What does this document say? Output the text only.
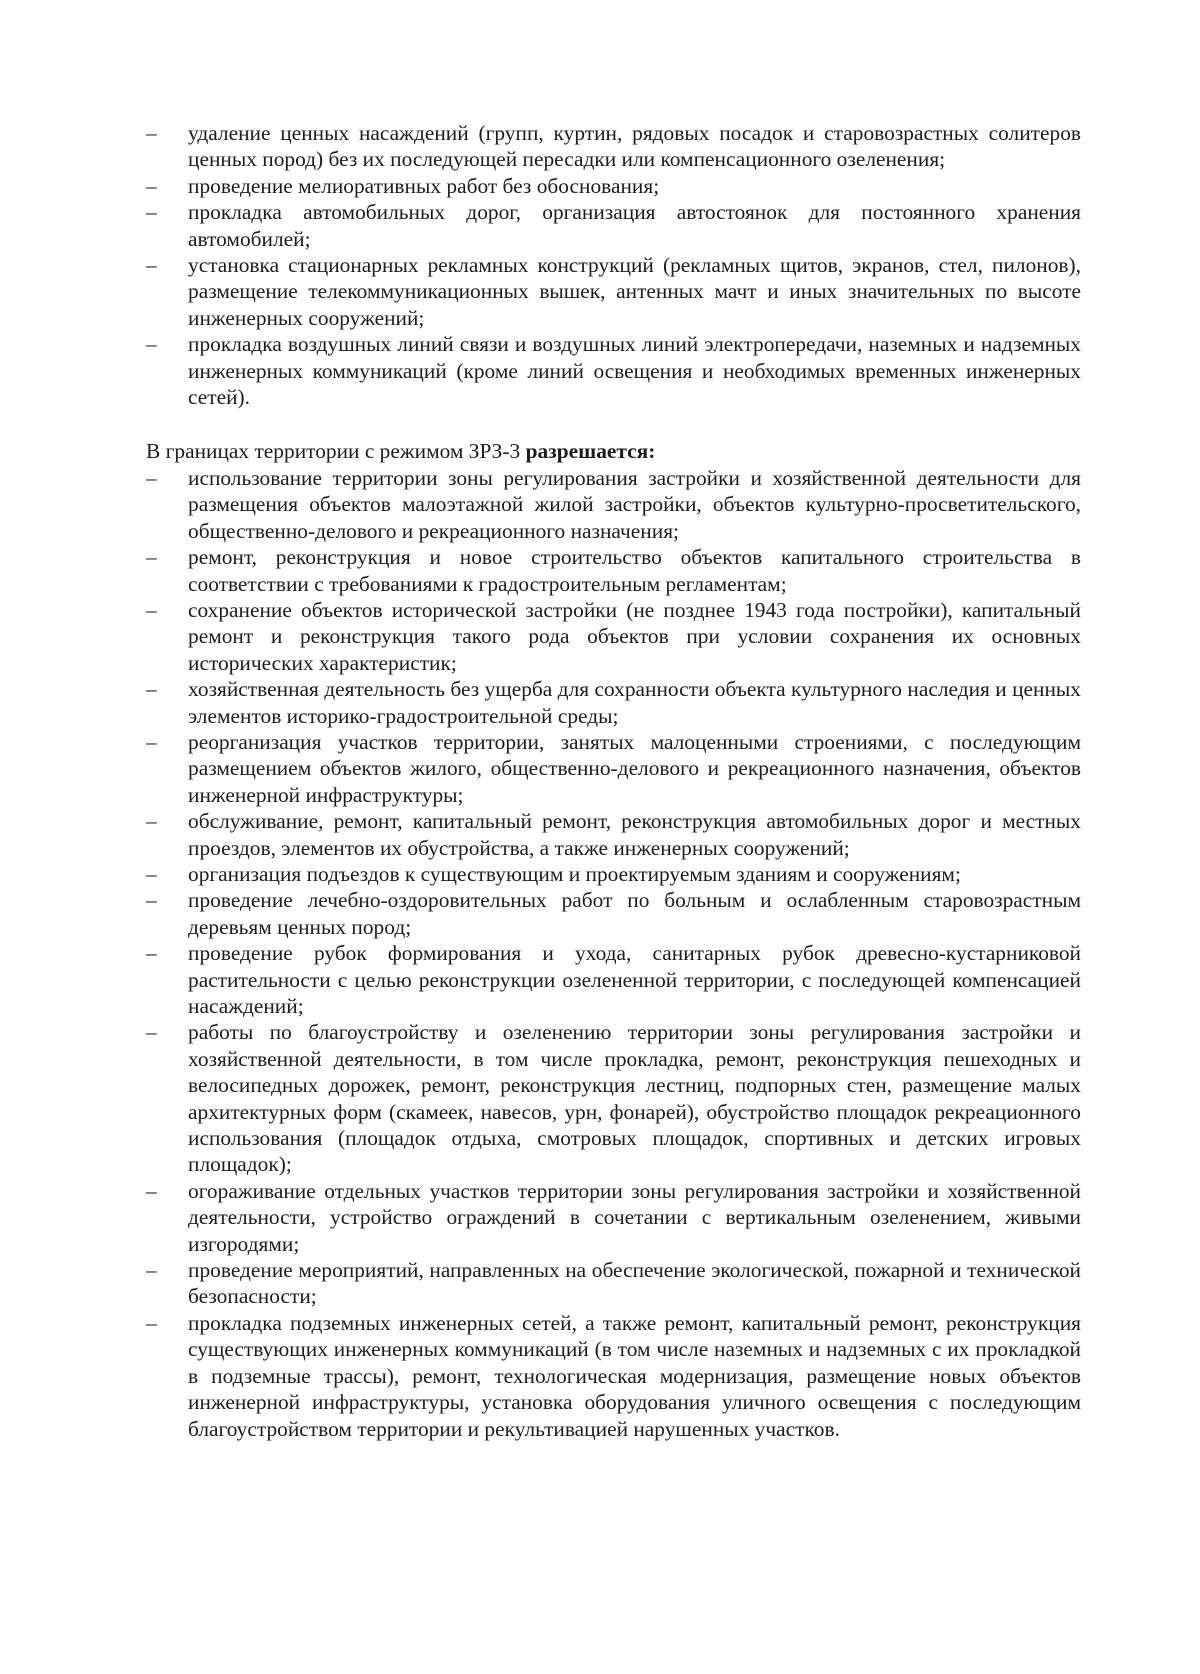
– удаление ценных насаждений (групп, куртин, рядовых посадок и старовозрастных солитеров ценных пород) без их последующей пересадки или компенсационного озеленения;
– проведение мелиоративных работ без обоснования;
– прокладка автомобильных дорог, организация автостоянок для постоянного хранения автомобилей;
– установка стационарных рекламных конструкций (рекламных щитов, экранов, стел, пилонов), размещение телекоммуникационных вышек, антенных мачт и иных значительных по высоте инженерных сооружений;
– прокладка воздушных линий связи и воздушных линий электропередачи, наземных и надземных инженерных коммуникаций (кроме линий освещения и необходимых временных инженерных сетей).

В границах территории с режимом ЗРЗ-3 разрешается:

– использование территории зоны регулирования застройки и хозяйственной деятельности для размещения объектов малоэтажной жилой застройки, объектов культурно-просветительского, общественно-делового и рекреационного назначения;
– ремонт, реконструкция и новое строительство объектов капитального строительства в соответствии с требованиями к градостроительным регламентам;
– сохранение объектов исторической застройки (не позднее 1943 года постройки), капитальный ремонт и реконструкция такого рода объектов при условии сохранения их основных исторических характеристик;
– хозяйственная деятельность без ущерба для сохранности объекта культурного наследия и ценных элементов историко-градостроительной среды;
– реорганизация участков территории, занятых малоценными строениями, с последующим размещением объектов жилого, общественно-делового и рекреационного назначения, объектов инженерной инфраструктуры;
– обслуживание, ремонт, капитальный ремонт, реконструкция автомобильных дорог и местных проездов, элементов их обустройства, а также инженерных сооружений;
– организация подъездов к существующим и проектируемым зданиям и сооружениям;
– проведение лечебно-оздоровительных работ по больным и ослабленным старовозрастным деревьям ценных пород;
– проведение рубок формирования и ухода, санитарных рубок древесно-кустарниковой растительности с целью реконструкции озелененной территории, с последующей компенсацией насаждений;
– работы по благоустройству и озеленению территории зоны регулирования застройки и хозяйственной деятельности, в том числе прокладка, ремонт, реконструкция пешеходных и велосипедных дорожек, ремонт, реконструкция лестниц, подпорных стен, размещение малых архитектурных форм (скамеек, навесов, урн, фонарей), обустройство площадок рекреационного использования (площадок отдыха, смотровых площадок, спортивных и детских игровых площадок);
– огораживание отдельных участков территории зоны регулирования застройки и хозяйственной деятельности, устройство ограждений в сочетании с вертикальным озеленением, живыми изгородями;
– проведение мероприятий, направленных на обеспечение экологической, пожарной и технической безопасности;
– прокладка подземных инженерных сетей, а также ремонт, капитальный ремонт, реконструкция существующих инженерных коммуникаций (в том числе наземных и надземных с их прокладкой в подземные трассы), ремонт, технологическая модернизация, размещение новых объектов инженерной инфраструктуры, установка оборудования уличного освещения с последующим благоустройством территории и рекультивацией нарушенных участков.
